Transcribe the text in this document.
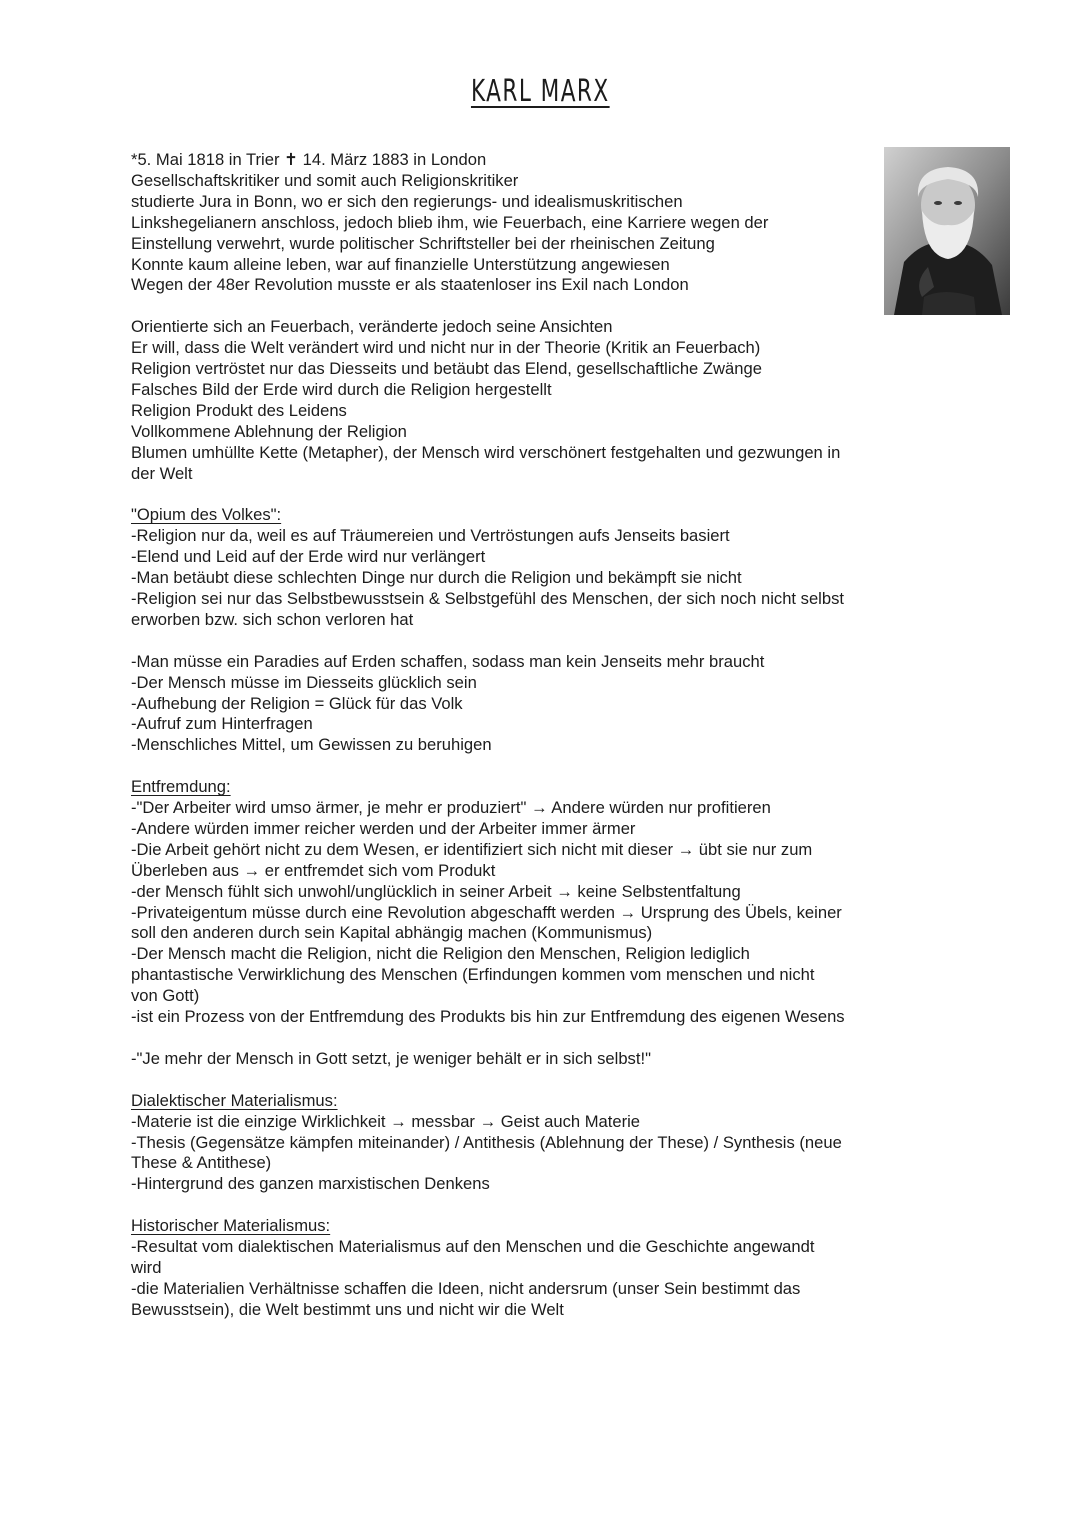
KARL MARX
*5. Mai 1818 in Trier ✝ 14. März 1883 in London
Gesellschaftskritiker und somit auch Religionskritiker
studierte Jura in Bonn, wo er sich den regierungs- und idealismuskritischen
Linkshegelianern anschloss, jedoch blieb ihm, wie Feuerbach, eine Karriere wegen der
Einstellung verwehrt, wurde politischer Schriftsteller bei der rheinischen Zeitung
Konnte kaum alleine leben, war auf finanzielle Unterstützung angewiesen
Wegen der 48er Revolution musste er als staatenloser ins Exil nach London
Orientierte sich an Feuerbach, veränderte jedoch seine Ansichten
Er will, dass die Welt verändert wird und nicht nur in der Theorie (Kritik an Feuerbach)
Religion vertröstet nur das Diesseits und betäubt das Elend, gesellschaftliche Zwänge
Falsches Bild der Erde wird durch die Religion hergestellt
Religion Produkt des Leidens
Vollkommene Ablehnung der Religion
Blumen umhüllte Kette (Metapher), der Mensch wird verschönert festgehalten und gezwungen in
der Welt
"Opium des Volkes":
-Religion nur da, weil es auf Träumereien und Vertröstungen aufs Jenseits basiert
-Elend und Leid auf der Erde wird nur verlängert
-Man betäubt diese schlechten Dinge nur durch die Religion und bekämpft sie nicht
-Religion sei nur das Selbstbewusstsein & Selbstgefühl des Menschen, der sich noch nicht selbst
erworben bzw. sich schon verloren hat
-Man müsse ein Paradies auf Erden schaffen, sodass man kein Jenseits mehr braucht
-Der Mensch müsse im Diesseits glücklich sein
-Aufhebung der Religion = Glück für das Volk
-Aufruf zum Hinterfragen
-Menschliches Mittel, um Gewissen zu beruhigen
Entfremdung:
-"Der Arbeiter wird umso ärmer, je mehr er produziert" → Andere würden nur profitieren
-Andere würden immer reicher werden und der Arbeiter immer ärmer
-Die Arbeit gehört nicht zu dem Wesen, er identifiziert sich nicht mit dieser → übt sie nur zum
Überleben aus → er entfremdet sich vom Produkt
-der Mensch fühlt sich unwohl/unglücklich in seiner Arbeit → keine Selbstentfaltung
-Privateigentum müsse durch eine Revolution abgeschafft werden → Ursprung des Übels, keiner
soll den anderen durch sein Kapital abhängig machen (Kommunismus)
-Der Mensch macht die Religion, nicht die Religion den Menschen, Religion lediglich
phantastische Verwirklichung des Menschen (Erfindungen kommen vom menschen und nicht
von Gott)
-ist ein Prozess von der Entfremdung des Produkts bis hin zur Entfremdung des eigenen Wesens
-"Je mehr der Mensch in Gott setzt, je weniger behält er in sich selbst!"
Dialektischer Materialismus:
-Materie ist die einzige Wirklichkeit → messbar → Geist auch Materie
-Thesis (Gegensätze kämpfen miteinander) / Antithesis (Ablehnung der These) / Synthesis (neue
These & Antithese)
-Hintergrund des ganzen marxistischen Denkens
Historischer Materialismus:
-Resultat vom dialektischen Materialismus auf den Menschen und die Geschichte angewandt
wird
-die Materialien Verhältnisse schaffen die Ideen, nicht andersrum (unser Sein bestimmt das
Bewusstsein), die Welt bestimmt uns und nicht wir die Welt
